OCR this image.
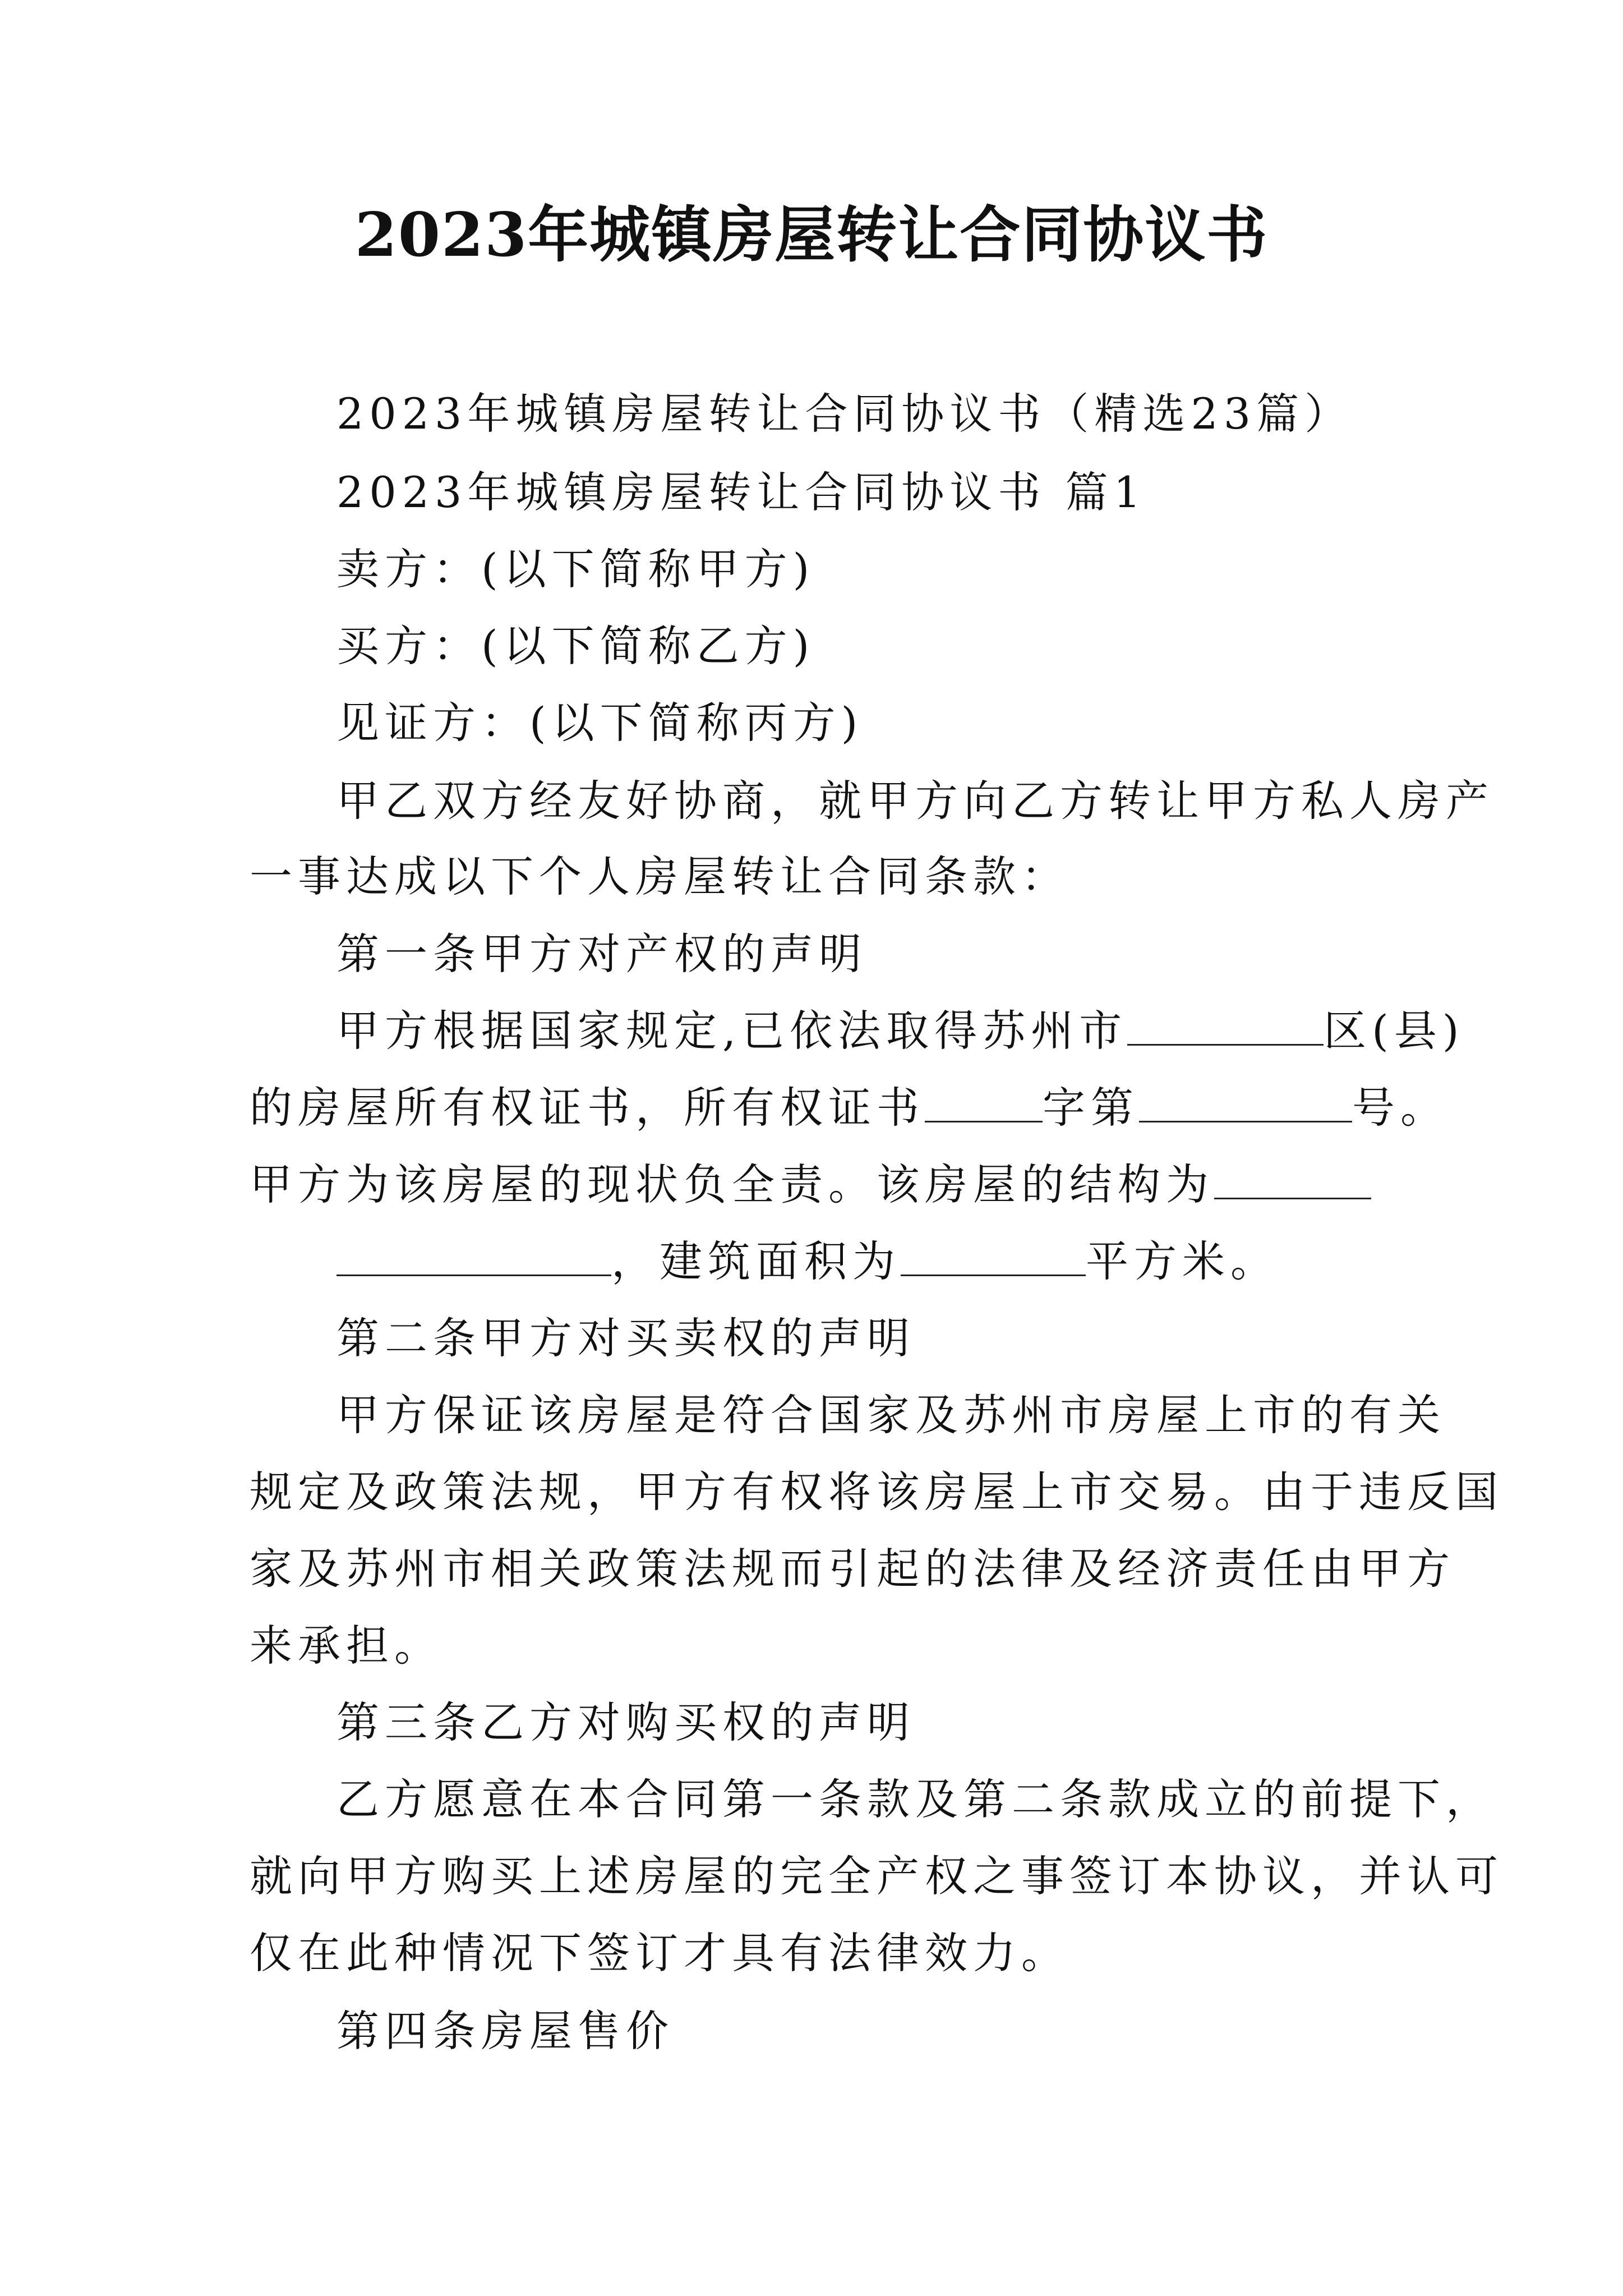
2023年城镇房屋转让合同协议书
2023年城镇房屋转让合同协议书（精选23篇）
2023年城镇房屋转让合同协议书 篇1
卖方：(以下简称甲方)
买方：(以下简称乙方)
见证方：(以下简称丙方)
甲乙双方经友好协商，就甲方向乙方转让甲方私人房产
一事达成以下个人房屋转让合同条款：
第一条甲方对产权的声明
甲方根据国家规定,已依法取得苏州市	区(县)
的房屋所有权证书，所有权证书	字第	号。
甲方为该房屋的现状负全责。该房屋的结构为
，建筑面积为	平方米。
第二条甲方对买卖权的声明
甲方保证该房屋是符合国家及苏州市房屋上市的有关
规定及政策法规，甲方有权将该房屋上市交易。由于违反国
家及苏州市相关政策法规而引起的法律及经济责任由甲方
来承担。
第三条乙方对购买权的声明
乙方愿意在本合同第一条款及第二条款成立的前提下，
就向甲方购买上述房屋的完全产权之事签订本协议，并认可
仅在此种情况下签订才具有法律效力。
第四条房屋售价
